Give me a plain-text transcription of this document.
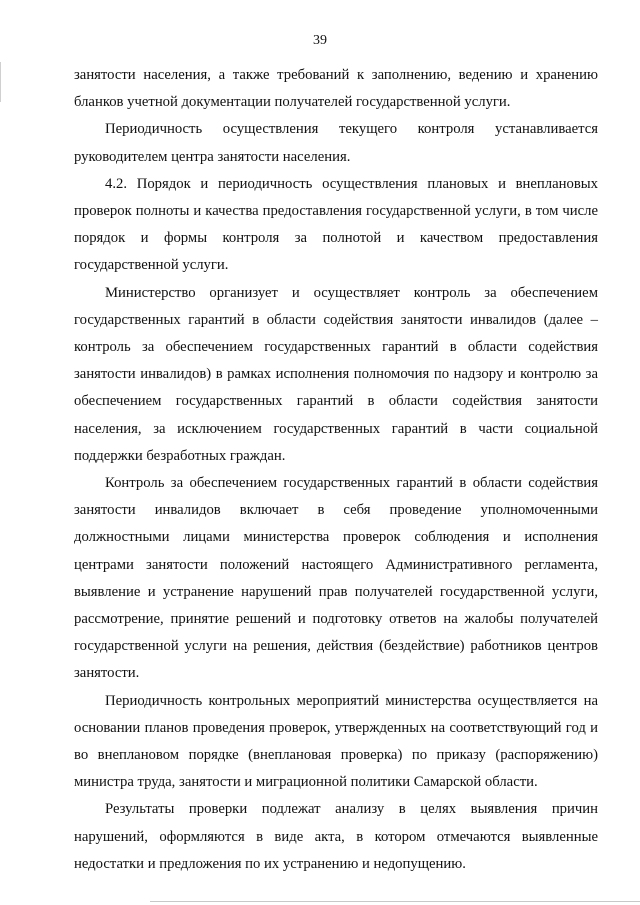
39

занятости населения, а также требований к заполнению, ведению и хранению бланков учетной документации получателей государственной услуги.

Периодичность осуществления текущего контроля устанавливается руководителем центра занятости населения.

4.2. Порядок и периодичность осуществления плановых и внеплановых проверок полноты и качества предоставления государственной услуги, в том числе порядок и формы контроля за полнотой и качеством предоставления государственной услуги.

Министерство организует и осуществляет контроль за обеспечением государственных гарантий в области содействия занятости инвалидов (далее – контроль за обеспечением государственных гарантий в области содействия занятости инвалидов) в рамках исполнения полномочия по надзору и контролю за обеспечением государственных гарантий в области содействия занятости населения, за исключением государственных гарантий в части социальной поддержки безработных граждан.

Контроль за обеспечением государственных гарантий в области содействия занятости инвалидов включает в себя проведение уполномоченными должностными лицами министерства проверок соблюдения и исполнения центрами занятости положений настоящего Административного регламента, выявление и устранение нарушений прав получателей государственной услуги, рассмотрение, принятие решений и подготовку ответов на жалобы получателей государственной услуги на решения, действия (бездействие) работников центров занятости.

Периодичность контрольных мероприятий министерства осуществляется на основании планов проведения проверок, утвержденных на соответствующий год и во внеплановом порядке (внеплановая проверка) по приказу (распоряжению) министра труда, занятости и миграционной политики Самарской области.

Результаты проверки подлежат анализу в целях выявления причин нарушений, оформляются в виде акта, в котором отмечаются выявленные недостатки и предложения по их устранению и недопущению.
